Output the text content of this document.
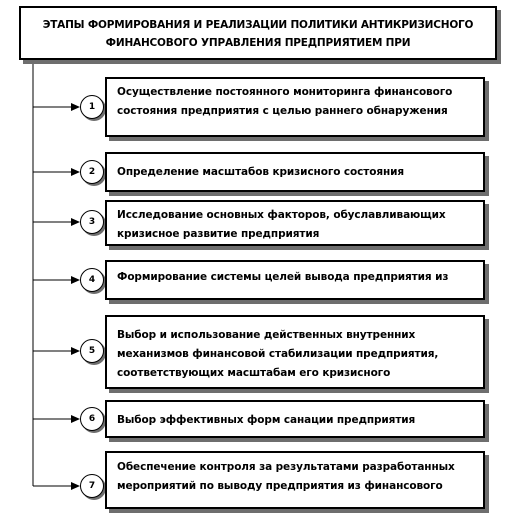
ЭТАПЫ ФОРМИРОВАНИЯ И РЕАЛИЗАЦИИ ПОЛИТИКИ АНТИКРИЗИСНОГО ФИНАНСОВОГО УПРАВЛЕНИЯ ПРЕДПРИЯТИЕМ ПРИ
1
Осуществление постоянного мониторинга финансового состояния предприятия с целью раннего обнаружения
2	Определение масштабов кризисного состояния
3
Исследование основных факторов, обуславливающих кризисное развитие предприятия
4	Формирование системы целей вывода предприятия из
5
Выбор и использование действенных внутренних механизмов финансовой стабилизации предприятия, соответствующих масштабам его кризисного
6	Выбор эффективных форм санации предприятия
7
Обеспечение контроля за результатами разработанных мероприятий по выводу предприятия из финансового
